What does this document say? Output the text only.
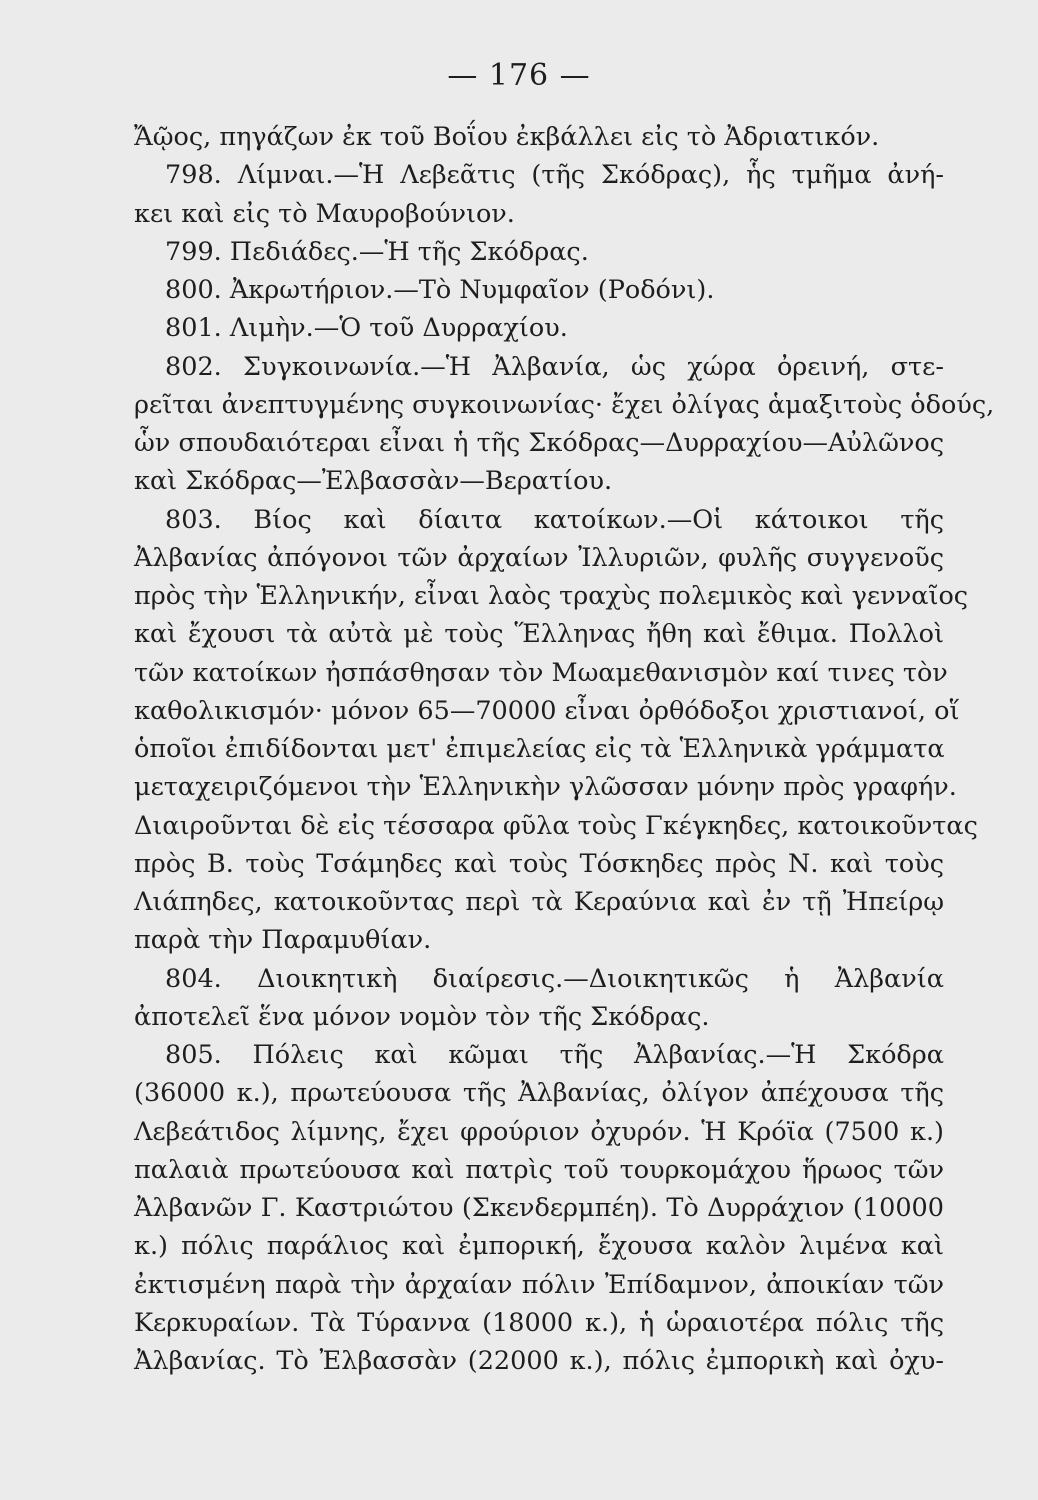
— 176 —
Ἄῷος, πηγάζων ἐκ τοῦ Βοΐου ἐκβάλλει εἰς τὸ Ἀδριατικόν.
798. Λίμναι.—Ἡ Λεβεᾶτις (τῆς Σκόδρας), ἧς τμῆμα ἀνή-
κει καὶ εἰς τὸ Μαυροβούνιον.
799. Πεδιάδες.—Ἡ τῆς Σκόδρας.
800. Ἀκρωτήριον.—Τὸ Νυμφαῖον (Ροδόνι).
801. Λιμὴν.—Ὁ τοῦ Δυρραχίου.
802. Συγκοινωνία.—Ἡ Ἀλβανία, ὡς χώρα ὀρεινή, στε-
ρεῖται ἀνεπτυγμένης συγκοινωνίας· ἔχει ὀλίγας ἁμαξιτοὺς ὁδούς,
ὧν σπουδαιότεραι εἶναι ἡ τῆς Σκόδρας—Δυρραχίου—Αὐλῶνος
καὶ Σκόδρας—Ἐλβασσὰν—Βερατίου.
803. Βίος καὶ δίαιτα κατοίκων.—Οἱ κάτοικοι τῆς
Ἀλβανίας ἀπόγονοι τῶν ἀρχαίων Ἰλλυριῶν, φυλῆς συγγενοῦς
πρὸς τὴν Ἑλληνικήν, εἶναι λαὸς τραχὺς πολεμικὸς καὶ γενναῖος
καὶ ἔχουσι τὰ αὐτὰ μὲ τοὺς Ἕλληνας ἤθη καὶ ἔθιμα. Πολλοὶ
τῶν κατοίκων ἠσπάσθησαν τὸν Μωαμεθανισμὸν καί τινες τὸν
καθολικισμόν· μόνον 65—70000 εἶναι ὀρθόδοξοι χριστιανοί, οἵ
ὁποῖοι ἐπιδίδονται μετ' ἐπιμελείας εἰς τὰ Ἑλληνικὰ γράμματα
μεταχειριζόμενοι τὴν Ἑλληνικὴν γλῶσσαν μόνην πρὸς γραφήν.
Διαιροῦνται δὲ εἰς τέσσαρα φῦλα τοὺς Γκέγκηδες, κατοικοῦντας
πρὸς Β. τοὺς Τσάμηδες καὶ τοὺς Τόσκηδες πρὸς Ν. καὶ τοὺς
Λιάπηδες, κατοικοῦντας περὶ τὰ Κεραύνια καὶ ἐν τῇ Ἠπείρῳ
παρὰ τὴν Παραμυθίαν.
804. Διοικητικὴ διαίρεσις.—Διοικητικῶς ἡ Ἀλβανία
ἀποτελεῖ ἕνα μόνον νομὸν τὸν τῆς Σκόδρας.
805. Πόλεις καὶ κῶμαι τῆς Ἀλβανίας.—Ἡ Σκόδρα
(36000 κ.), πρωτεύουσα τῆς Ἀλβανίας, ὀλίγον ἀπέχουσα τῆς
Λεβεάτιδος λίμνης, ἔχει φρούριον ὀχυρόν. Ἡ Κρόϊα (7500 κ.)
παλαιὰ πρωτεύουσα καὶ πατρὶς τοῦ τουρκομάχου ἥρωος τῶν
Ἀλβανῶν Γ. Καστριώτου (Σκενδερμπέη). Τὸ Δυρράχιον (10000
κ.) πόλις παράλιος καὶ ἐμπορική, ἔχουσα καλὸν λιμένα καὶ
ἐκτισμένη παρὰ τὴν ἀρχαίαν πόλιν Ἐπίδαμνον, ἀποικίαν τῶν
Κερκυραίων. Τὰ Τύραννα (18000 κ.), ἡ ὡραιοτέρα πόλις τῆς
Ἀλβανίας. Τὸ Ἐλβασσὰν (22000 κ.), πόλις ἐμπορικὴ καὶ ὀχυ-
